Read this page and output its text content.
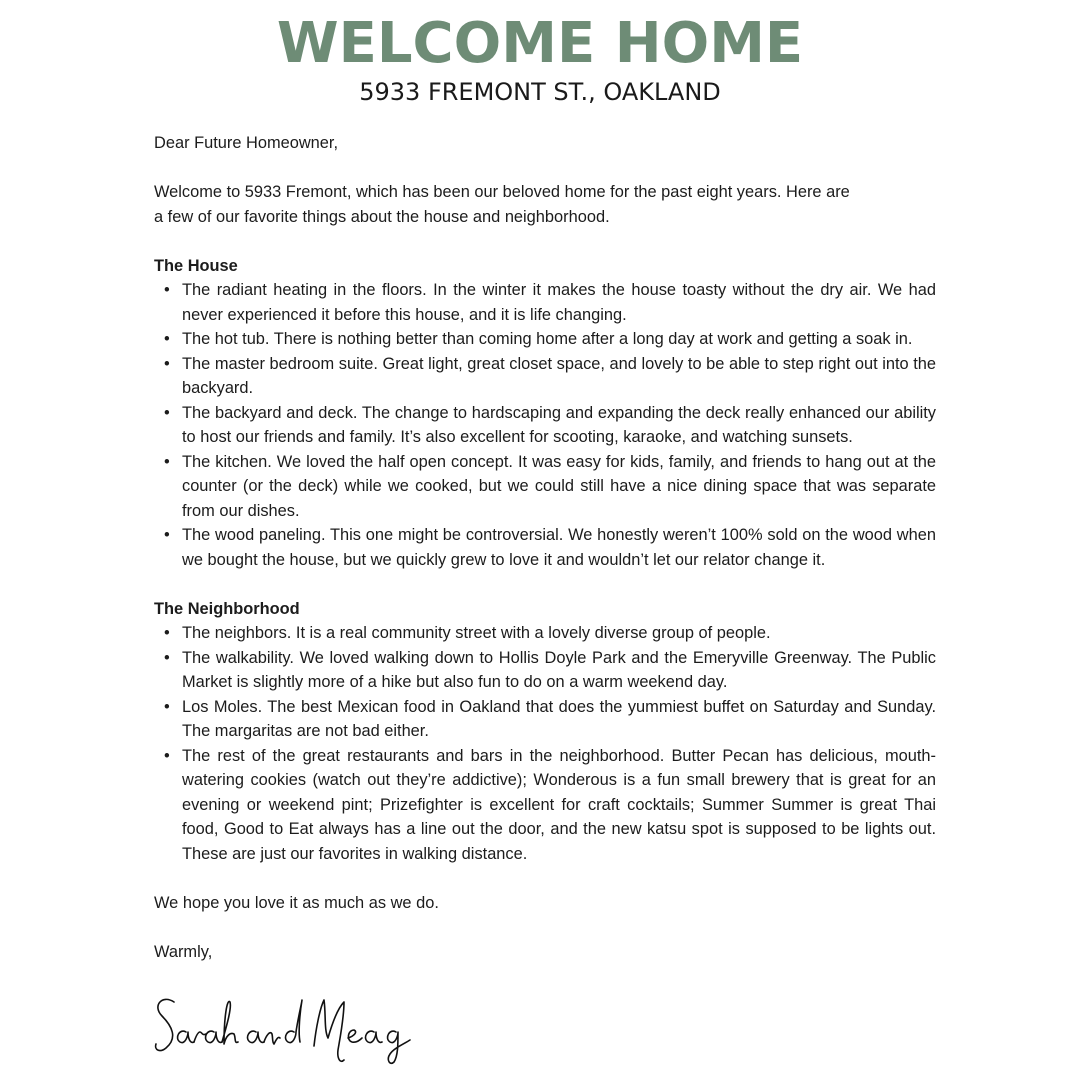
WELCOME HOME
5933 FREMONT ST., OAKLAND

Dear Future Homeowner,

Welcome to 5933 Fremont, which has been our beloved home for the past eight years. Here are
a few of our favorite things about the house and neighborhood.

The House

• The radiant heating in the floors. In the winter it makes the house toasty without the dry air. We had never experienced it before this house, and it is life changing.
• The hot tub. There is nothing better than coming home after a long day at work and getting a soak in.
• The master bedroom suite. Great light, great closet space, and lovely to be able to step right out into the backyard.
• The backyard and deck. The change to hardscaping and expanding the deck really enhanced our ability to host our friends and family. It’s also excellent for scooting, karaoke, and watching sunsets.
• The kitchen. We loved the half open concept. It was easy for kids, family, and friends to hang out at the counter (or the deck) while we cooked, but we could still have a nice dining space that was separate from our dishes.
• The wood paneling. This one might be controversial. We honestly weren’t 100% sold on the wood when we bought the house, but we quickly grew to love it and wouldn’t let our relator change it.

The Neighborhood

• The neighbors. It is a real community street with a lovely diverse group of people.
• The walkability. We loved walking down to Hollis Doyle Park and the Emeryville Greenway. The Public Market is slightly more of a hike but also fun to do on a warm weekend day.
• Los Moles. The best Mexican food in Oakland that does the yummiest buffet on Saturday and Sunday. The margaritas are not bad either.
• The rest of the great restaurants and bars in the neighborhood. Butter Pecan has delicious, mouth-watering cookies (watch out they’re addictive); Wonderous is a fun small brewery that is great for an evening or weekend pint; Prizefighter is excellent for craft cocktails; Summer Summer is great Thai food, Good to Eat always has a line out the door, and the new katsu spot is supposed to be lights out. These are just our favorites in walking distance.

We hope you love it as much as we do.

Warmly,
